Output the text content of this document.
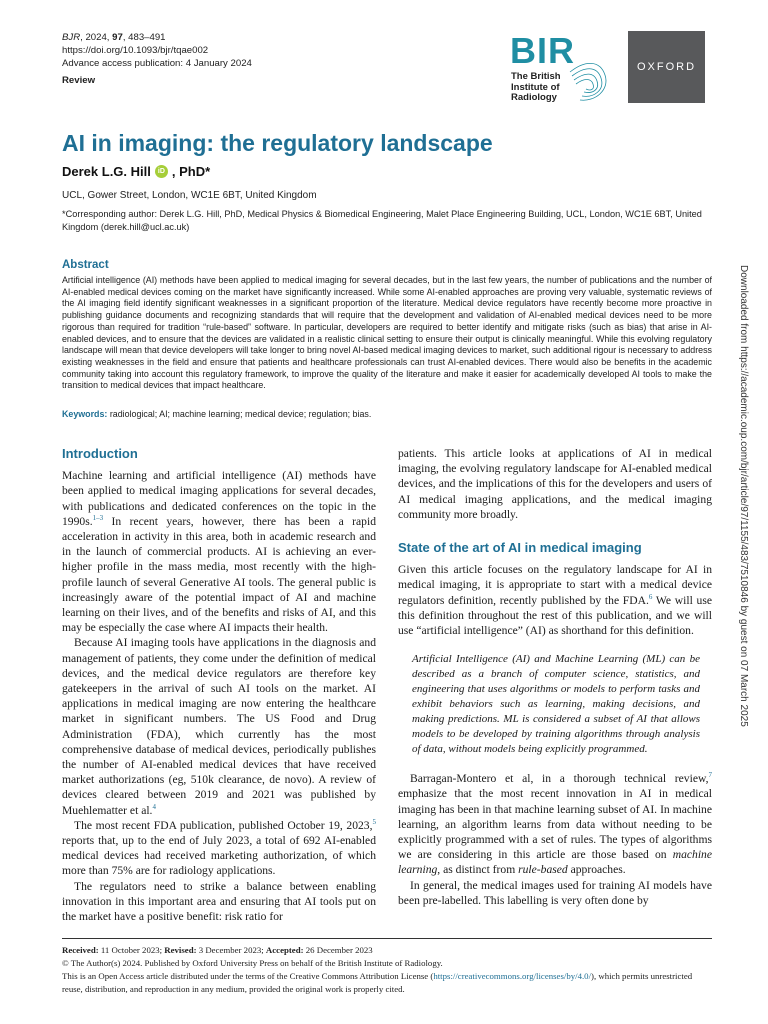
BJR, 2024, 97, 483–491
https://doi.org/10.1093/bjr/tqae002
Advance access publication: 4 January 2024
Review
BIR
The British
Institute of
Radiology
OXFORD
AI in imaging: the regulatory landscape
Derek L.G. Hill	iD , PhD*
UCL, Gower Street, London, WC1E 6BT, United Kingdom
*Corresponding author: Derek L.G. Hill, PhD, Medical Physics & Biomedical Engineering, Malet Place Engineering Building, UCL, London, WC1E 6BT, United Kingdom (derek.hill@ucl.ac.uk)
Abstract

Artificial intelligence (AI) methods have been applied to medical imaging for several decades, but in the last few years, the number of publications and the number of AI-enabled medical devices coming on the market have significantly increased. While some AI-enabled approaches are proving very valuable, systematic reviews of the AI imaging field identify significant weaknesses in a significant proportion of the literature. Medical device regulators have recently become more proactive in publishing guidance documents and recognizing standards that will require that the development and validation of AI-enabled medical devices need to be more rigorous than required for tradition “rule-based” software. In particular, developers are required to better identify and mitigate risks (such as bias) that arise in AI-enabled devices, and to ensure that the devices are validated in a realistic clinical setting to ensure their output is clinically meaningful. While this evolving regulatory landscape will mean that device developers will take longer to bring novel AI-based medical imaging devices to market, such additional rigour is necessary to address existing weaknesses in the field and ensure that patients and healthcare professionals can trust AI-enabled devices. There would also be benefits in the academic community taking into account this regulatory framework, to improve the quality of the literature and make it easier for academically developed AI tools to make the transition to medical devices that impact healthcare.

Keywords: radiological; AI; machine learning; medical device; regulation; bias.	Downloaded from https://academic.oup.com/bjr/article/97/1155/483/7510846 by guest on 07 March 2025
Introduction

Machine learning and artificial intelligence (AI) methods have been applied to medical imaging applications for several decades, with publications and dedicated conferences on the topic in the 1990s.$^{1-3}$ In recent years, however, there has been a rapid acceleration in activity in this area, both in academic research and in the launch of commercial products. AI is achieving an ever-higher profile in the mass media, most recently with the high-profile launch of several Generative AI tools. The general public is increasingly aware of the potential impact of AI and machine learning on their lives, and of the benefits and risks of AI, and this may be especially the case where AI impacts their health.

Because AI imaging tools have applications in the diagnosis and management of patients, they come under the definition of medical devices, and the medical device regulators are therefore key gatekeepers in the arrival of such AI tools on the market. AI applications in medical imaging are now entering the healthcare market in significant numbers. The US Food and Drug Administration (FDA), which currently has the most comprehensive database of medical devices, periodically publishes the number of AI-enabled medical devices that have received market authorizations (eg, 510k clearance, de novo). A review of devices cleared between 2019 and 2021 was published by Muehlematter et al.$^4$

The most recent FDA publication, published October 19, 2023,$^5$ reports that, up to the end of July 2023, a total of 692 AI-enabled medical devices had received marketing authorization, of which more than 75% are for radiology applications.

The regulators need to strike a balance between enabling innovation in this important area and ensuring that AI tools put on the market have a positive benefit: risk ratio for

patients. This article looks at applications of AI in medical imaging, the evolving regulatory landscape for AI-enabled medical devices, and the implications of this for the developers and users of AI medical imaging applications, and the medical imaging community more broadly.

State of the art of AI in medical imaging

Given this article focuses on the regulatory landscape for AI in medical imaging, it is appropriate to start with a medical device regulators definition, recently published by the FDA.$^6$ We will use this definition throughout the rest of this publication, and we will use “artificial intelligence” (AI) as shorthand for this definition.

Artificial Intelligence (AI) and Machine Learning (ML) can be described as a branch of computer science, statistics, and engineering that uses algorithms or models to perform tasks and exhibit behaviors such as learning, making decisions, and making predictions. ML is considered a subset of AI that allows models to be developed by training algorithms through analysis of data, without models being explicitly programmed.

Barragan-Montero et al, in a thorough technical review,$^7$ emphasize that the most recent innovation in AI in medical imaging has been in that machine learning subset of AI. In machine learning, an algorithm learns from data without needing to be explicitly programmed with a set of rules. The types of algorithms we are considering in this article are those based on machine learning, as distinct from rule-based approaches.

In general, the medical images used for training AI models have been pre-labelled. This labelling is very often done by

Received: 11 October 2023; Revised: 3 December 2023; Accepted: 26 December 2023
© The Author(s) 2024. Published by Oxford University Press on behalf of the British Institute of Radiology.
This is an Open Access article distributed under the terms of the Creative Commons Attribution License (https://creativecommons.org/licenses/by/4.0/), which permits unrestricted reuse, distribution, and reproduction in any medium, provided the original work is properly cited.
